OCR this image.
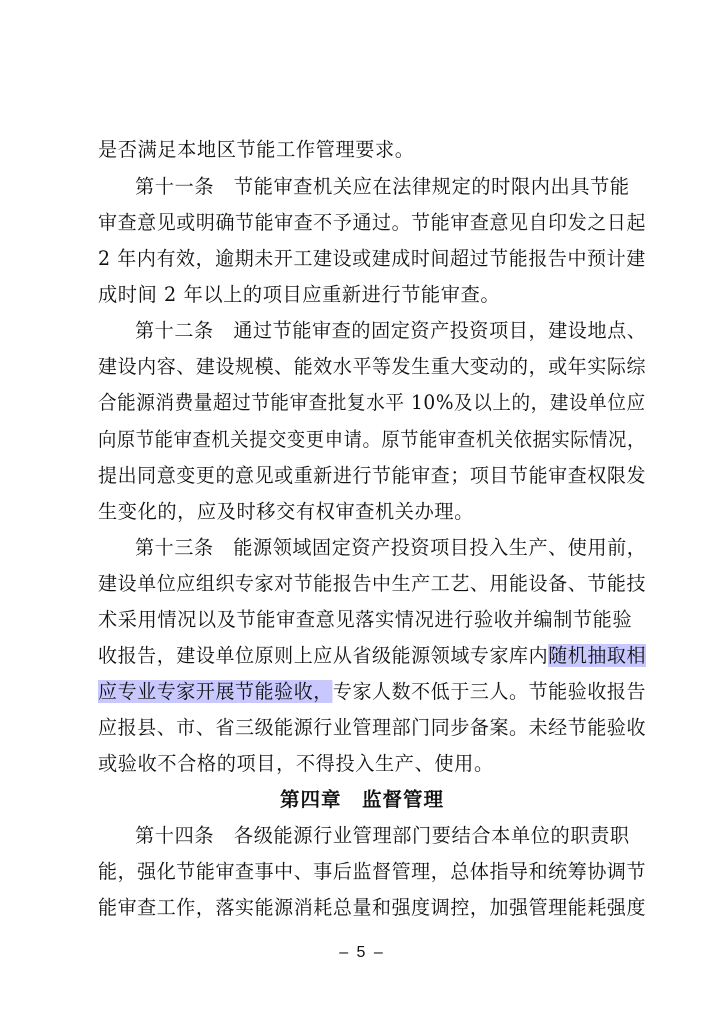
是否满足本地区节能工作管理要求。
第十一条　节能审查机关应在法律规定的时限内出具节能
审查意见或明确节能审查不予通过。节能审查意见自印发之日起
2 年内有效，逾期未开工建设或建成时间超过节能报告中预计建
成时间 2 年以上的项目应重新进行节能审查。
第十二条　通过节能审查的固定资产投资项目，建设地点、
建设内容、建设规模、能效水平等发生重大变动的，或年实际综
合能源消费量超过节能审查批复水平 10%及以上的，建设单位应
向原节能审查机关提交变更申请。原节能审查机关依据实际情况，
提出同意变更的意见或重新进行节能审查；项目节能审查权限发
生变化的，应及时移交有权审查机关办理。
第十三条　能源领域固定资产投资项目投入生产、使用前，
建设单位应组织专家对节能报告中生产工艺、用能设备、节能技
术采用情况以及节能审查意见落实情况进行验收并编制节能验
收报告，建设单位原则上应从省级能源领域专家库内随机抽取相
应专业专家开展节能验收，专家人数不低于三人。节能验收报告
应报县、市、省三级能源行业管理部门同步备案。未经节能验收
或验收不合格的项目，不得投入生产、使用。
第四章　监督管理
第十四条　各级能源行业管理部门要结合本单位的职责职
能，强化节能审查事中、事后监督管理，总体指导和统筹协调节
能审查工作，落实能源消耗总量和强度调控，加强管理能耗强度
– 5 –
